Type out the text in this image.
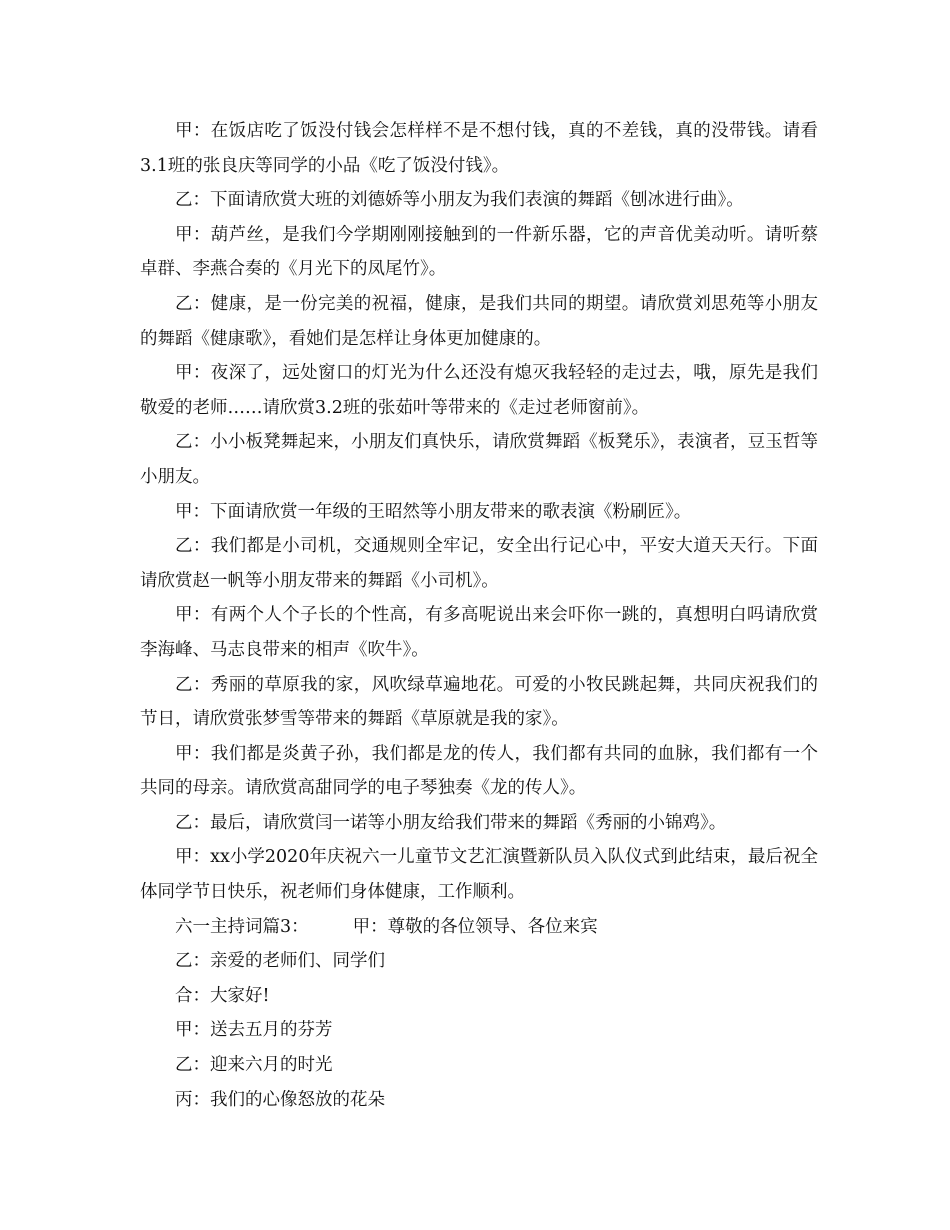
甲：在饭店吃了饭没付钱会怎样样不是不想付钱，真的不差钱，真的没带钱。请看3.1班的张良庆等同学的小品《吃了饭没付钱》。

乙：下面请欣赏大班的刘德娇等小朋友为我们表演的舞蹈《刨冰进行曲》。

甲：葫芦丝，是我们今学期刚刚接触到的一件新乐器，它的声音优美动听。请听蔡卓群、李燕合奏的《月光下的凤尾竹》。

乙：健康，是一份完美的祝福，健康，是我们共同的期望。请欣赏刘思苑等小朋友的舞蹈《健康歌》，看她们是怎样让身体更加健康的。

甲：夜深了，远处窗口的灯光为什么还没有熄灭我轻轻的走过去，哦，原先是我们敬爱的老师……请欣赏3.2班的张茹叶等带来的《走过老师窗前》。

乙：小小板凳舞起来，小朋友们真快乐，请欣赏舞蹈《板凳乐》，表演者，豆玉哲等小朋友。

甲：下面请欣赏一年级的王昭然等小朋友带来的歌表演《粉刷匠》。

乙：我们都是小司机，交通规则全牢记，安全出行记心中，平安大道天天行。下面请欣赏赵一帆等小朋友带来的舞蹈《小司机》。

甲：有两个人个子长的个性高，有多高呢说出来会吓你一跳的，真想明白吗请欣赏李海峰、马志良带来的相声《吹牛》。

乙：秀丽的草原我的家，风吹绿草遍地花。可爱的小牧民跳起舞，共同庆祝我们的节日，请欣赏张梦雪等带来的舞蹈《草原就是我的家》。

甲：我们都是炎黄子孙，我们都是龙的传人，我们都有共同的血脉，我们都有一个共同的母亲。请欣赏高甜同学的电子琴独奏《龙的传人》。

乙：最后，请欣赏闫一诺等小朋友给我们带来的舞蹈《秀丽的小锦鸡》。

甲：xx小学2020年庆祝六一儿童节文艺汇演暨新队员入队仪式到此结束，最后祝全体同学节日快乐，祝老师们身体健康，工作顺利。

六一主持词篇3：	甲：尊敬的各位领导、各位来宾

乙：亲爱的老师们、同学们

合：大家好!

甲：送去五月的芬芳

乙：迎来六月的时光

丙：我们的心像怒放的花朵
